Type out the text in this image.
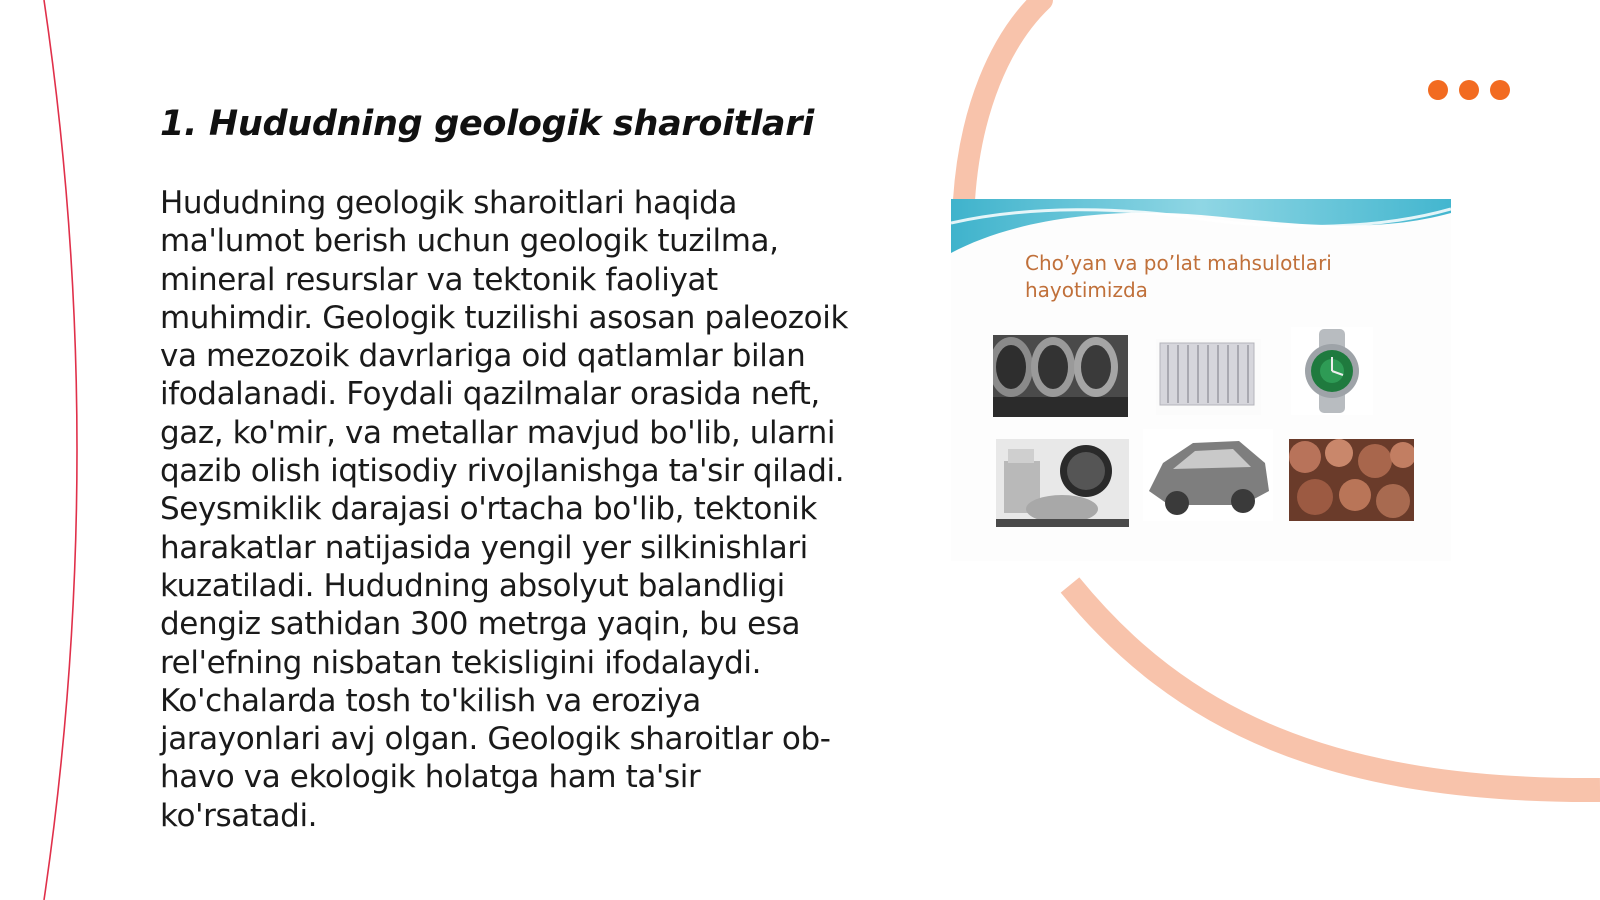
1. Hududning geologik sharoitlari

Hududning geologik sharoitlari haqida ma'lumot berish uchun geologik tuzilma, mineral resurslar va tektonik faoliyat muhimdir. Geologik tuzilishi asosan paleozoik va mezozoik davrlariga oid qatlamlar bilan ifodalanadi. Foydali qazilmalar orasida neft, gaz, ko'mir, va metallar mavjud bo'lib, ularni qazib olish iqtisodiy rivojlanishga ta'sir qiladi. Seysmiklik darajasi o'rtacha bo'lib, tektonik harakatlar natijasida yengil yer silkinishlari kuzatiladi. Hududning absolyut balandligi dengiz sathidan 300 metrga yaqin, bu esa rel'efning nisbatan tekisligini ifodalaydi. Ko'chalarda tosh to'kilish va eroziya jarayonlari avj olgan. Geologik sharoitlar ob-havo va ekologik holatga ham ta'sir ko'rsatadi.

Cho’yan va po’lat mahsulotlari hayotimizda
